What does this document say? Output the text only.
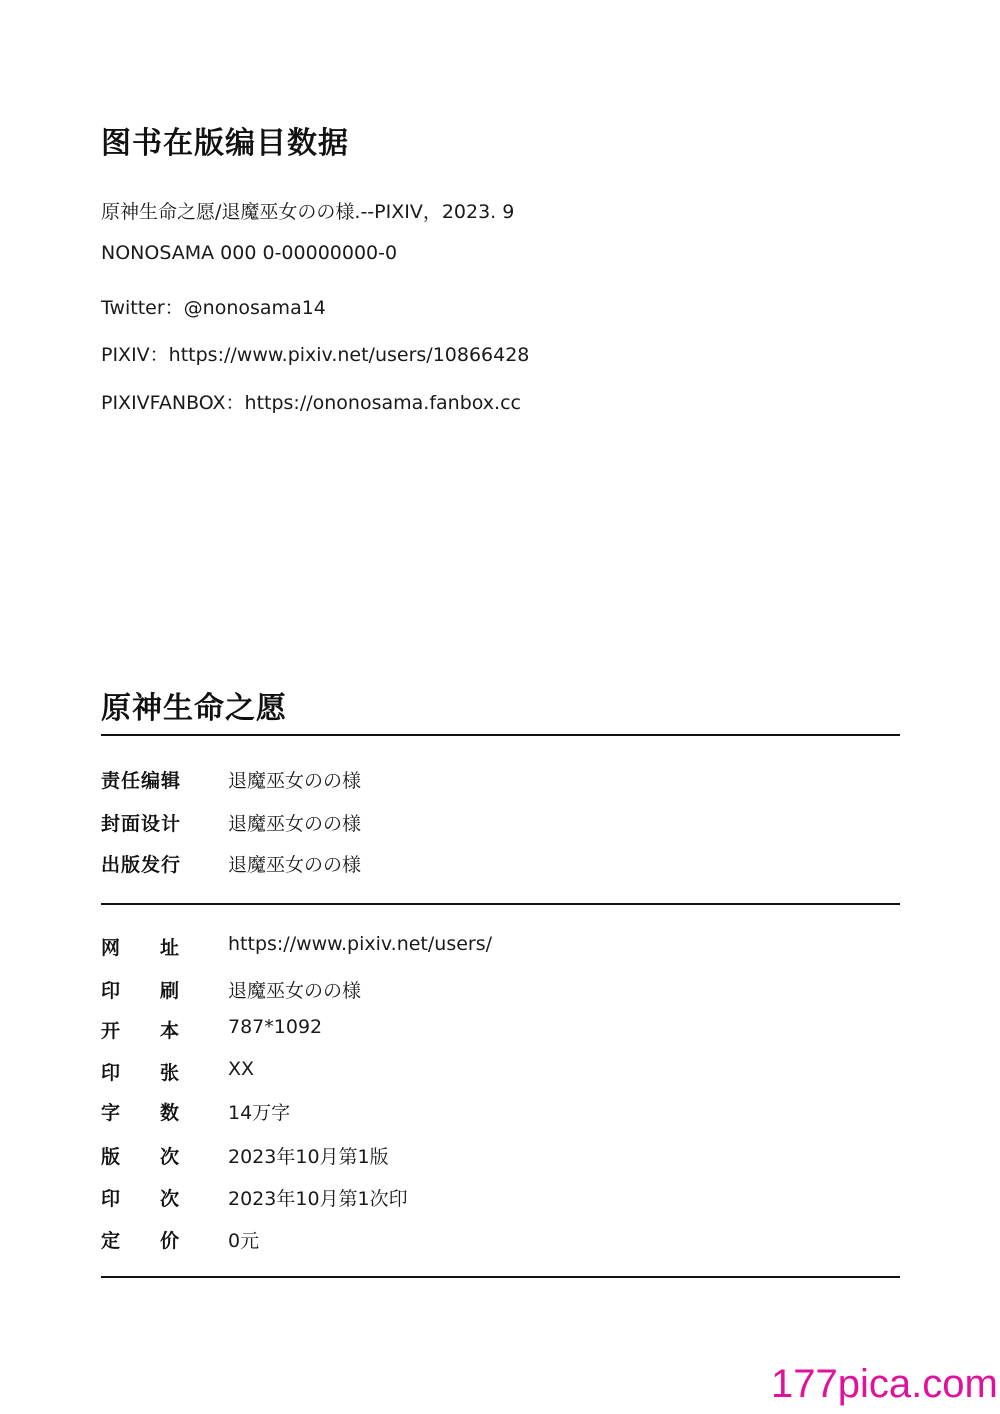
图书在版编目数据
原神生命之愿/退魔巫女のの様.--PIXIV，2023. 9
NONOSAMA 000 0-00000000-0
Twitter：@nonosama14
PIXIV：https://www.pixiv.net/users/10866428
PIXIVFANBOX：https://ononosama.fanbox.cc
原神生命之愿
责任编辑 退魔巫女のの様
封面设计 退魔巫女のの様
出版发行 退魔巫女のの様
网 址	https://www.pixiv.net/users/
印 刷	退魔巫女のの様
开 本	787*1092
印 张	XX
字 数	14万字
版 次	2023年10月第1版
印 次	2023年10月第1次印
定 价	0元
177pica.com
